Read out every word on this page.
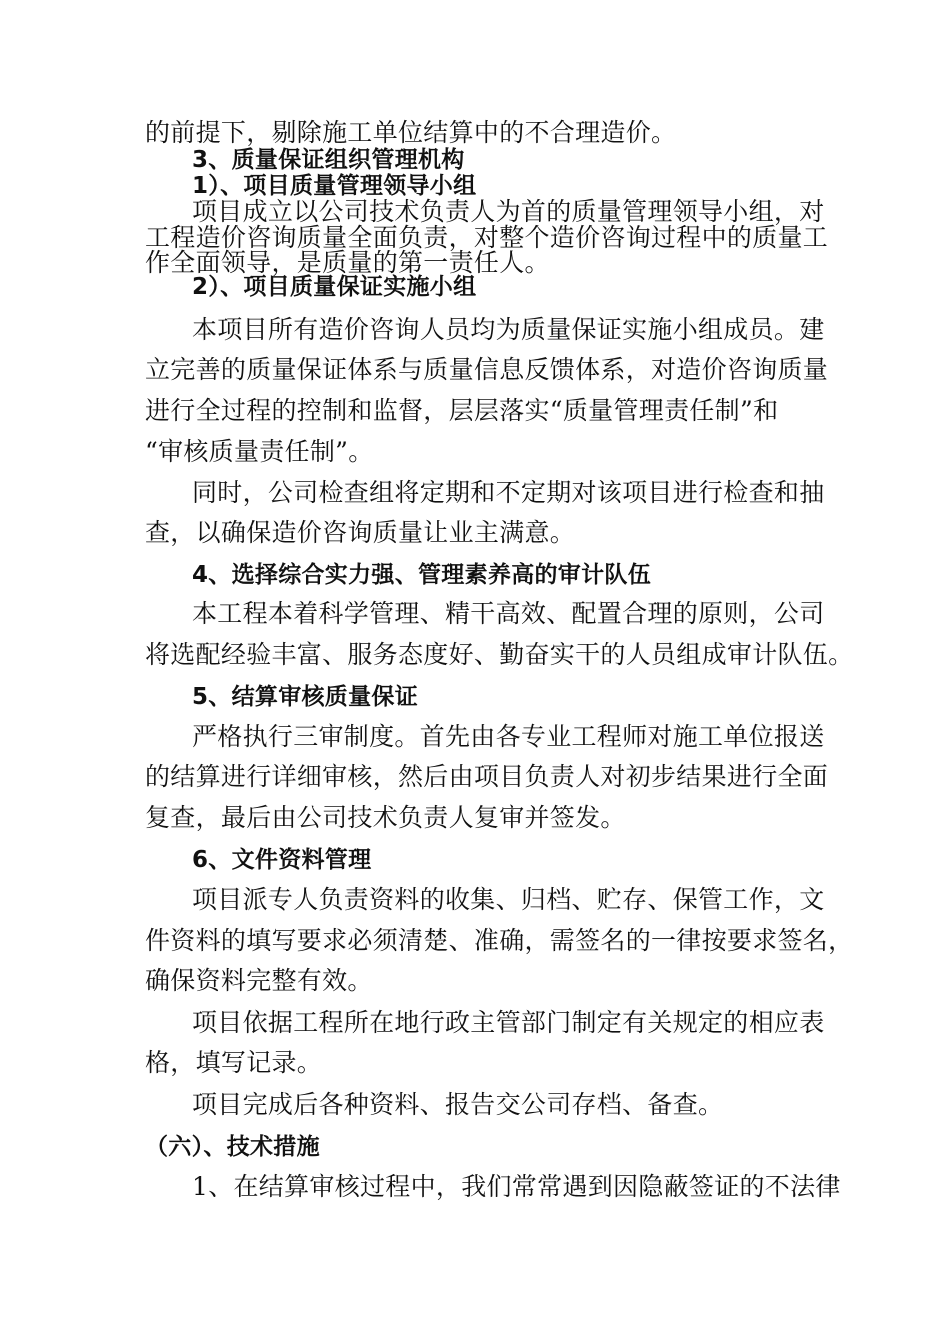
的前提下，剔除施工单位结算中的不合理造价。
3、质量保证组织管理机构
1）、项目质量管理领导小组
项目成立以公司技术负责人为首的质量管理领导小组，对
工程造价咨询质量全面负责，对整个造价咨询过程中的质量工
作全面领导，是质量的第一责任人。
2）、项目质量保证实施小组
本项目所有造价咨询人员均为质量保证实施小组成员。建
立完善的质量保证体系与质量信息反馈体系，对造价咨询质量
进行全过程的控制和监督，层层落实“质量管理责任制”和
“审核质量责任制”。
同时，公司检查组将定期和不定期对该项目进行检查和抽
查，以确保造价咨询质量让业主满意。
4、选择综合实力强、管理素养高的审计队伍
本工程本着科学管理、精干高效、配置合理的原则，公司
将选配经验丰富、服务态度好、勤奋实干的人员组成审计队伍。
5、结算审核质量保证
严格执行三审制度。首先由各专业工程师对施工单位报送
的结算进行详细审核，然后由项目负责人对初步结果进行全面
复查，最后由公司技术负责人复审并签发。
6、文件资料管理
项目派专人负责资料的收集、归档、贮存、保管工作，文
件资料的填写要求必须清楚、准确，需签名的一律按要求签名，
确保资料完整有效。
项目依据工程所在地行政主管部门制定有关规定的相应表
格，填写记录。
项目完成后各种资料、报告交公司存档、备查。
（六）、技术措施
1、在结算审核过程中，我们常常遇到因隐蔽签证的不法律
